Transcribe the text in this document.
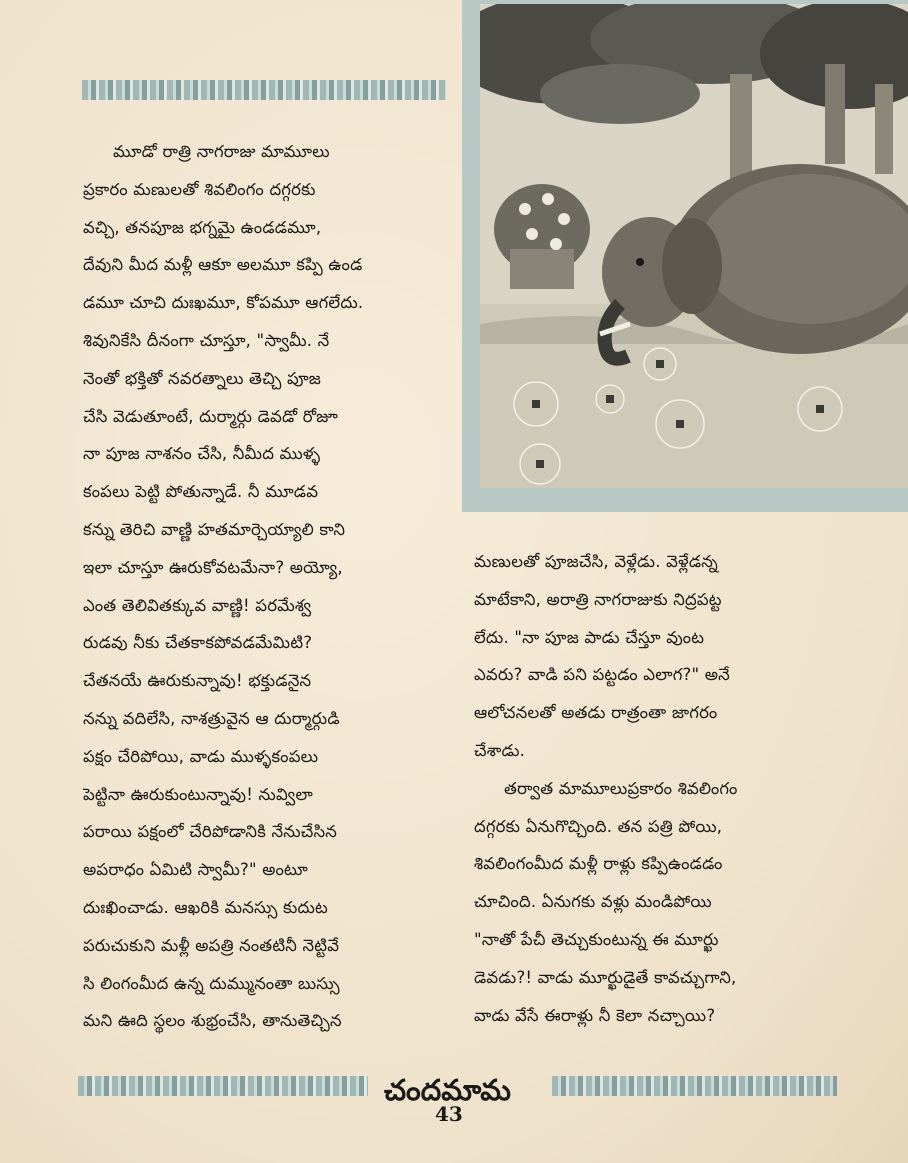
మూడో రాత్రి నాగరాజు మామూలు
ప్రకారం మణులతో శివలింగం దగ్గరకు
వచ్చి, తనపూజ భగ్నమై ఉండడమూ,
దేవుని మీద మళ్లీ ఆకూ అలమూ కప్పి ఉండ
డమూ చూచి దుఃఖమూ, కోపమూ ఆగలేదు.
శివునికేసి దీనంగా చూస్తూ, "స్వామీ. నే
నెంతో భక్తితో నవరత్నాలు తెచ్చి పూజ
చేసి వెడుతూంటే, దుర్మార్గు డెవడో రోజూ
నా పూజ నాశనం చేసి, నీమీద ముళ్ళ
కంపలు పెట్టి పోతున్నాడే. నీ మూడవ
కన్ను తెరిచి వాణ్ణి హతమార్చెయ్యాలి కాని
ఇలా చూస్తూ ఊరుకోవటమేనా? అయ్యో,
ఎంత తెలివితక్కువ వాణ్ణి! పరమేశ్వ
రుడవు నీకు చేతకాకపోవడమేమిటి?
చేతనయే ఊరుకున్నావు! భక్తుడనైన
నన్ను వదిలేసి, నాశత్రువైన ఆ దుర్మార్గుడి
పక్షం చేరిపోయి, వాడు ముళ్ళకంపలు
పెట్టినా ఊరుకుంటున్నావు! నువ్విలా
పరాయి పక్షంలో చేరిపోడానికి నేనుచేసిన
అపరాధం ఏమిటి స్వామీ?" అంటూ
దుఃఖించాడు. ఆఖరికి మనస్సు కుదుట
పరుచుకుని మళ్లీ అపత్రి నంతటినీ నెట్టివే
సి లింగంమీద ఉన్న దుమ్మునంతా బుస్సు
మని ఊది స్థలం శుభ్రంచేసి, తానుతెచ్చిన
మణులతో పూజచేసి, వెళ్లేడు. వెళ్లేడన్న
మాటేకాని, అరాత్రి నాగరాజుకు నిద్రపట్ట
లేదు. "నా పూజ పాడు చేస్తూ వుంట
ఎవరు? వాడి పని పట్టడం ఎలాగ?" అనే
ఆలోచనలతో అతడు రాత్రంతా జాగరం
చేశాడు.
తర్వాత మామూలుప్రకారం శివలింగం
దగ్గరకు ఏనుగొచ్చింది. తన పత్రి పోయి,
శివలింగంమీద మళ్లీ రాళ్లు కప్పిఉండడం
చూచింది. ఏనుగకు వళ్లు మండిపోయి
"నాతో పేచీ తెచ్చుకుంటున్న ఈ మూర్ఖు
డెవడు?! వాడు మూర్ఖుడైతే కావచ్చుగాని,
వాడు వేసే ఈరాళ్లు నీ కెలా నచ్చాయి?
చందమామ
43
